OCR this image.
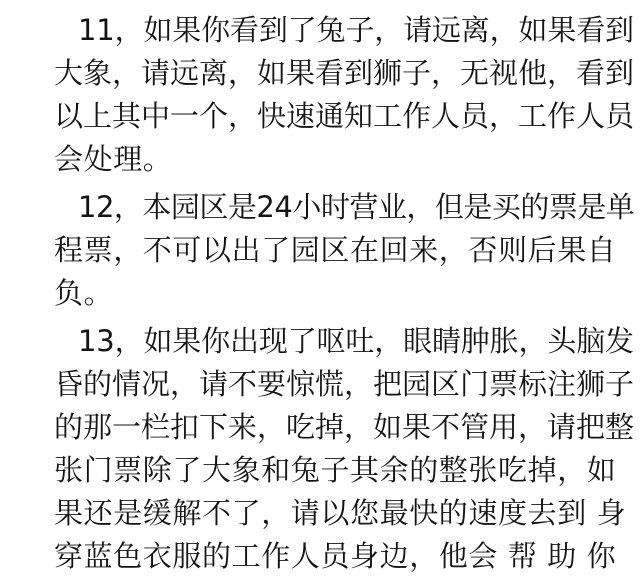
11，如果你看到了兔子，请远离，如果看到
大象，请远离，如果看到狮子，无视他，看到
以上其中一个，快速通知工作人员，工作人员
会处理。
12，本园区是24小时营业，但是买的票是单
程票，不可以出了园区在回来，否则后果自
负。
13，如果你出现了呕吐，眼睛肿胀，头脑发
昏的情况，请不要惊慌，把园区门票标注狮子
的那一栏扣下来，吃掉，如果不管用，请把整
张门票除了大象和兔子其余的整张吃掉，如
果还是缓解不了，请以您最快的速度去到 身
穿蓝色衣服的工作人员身边，他会 帮 助 你
